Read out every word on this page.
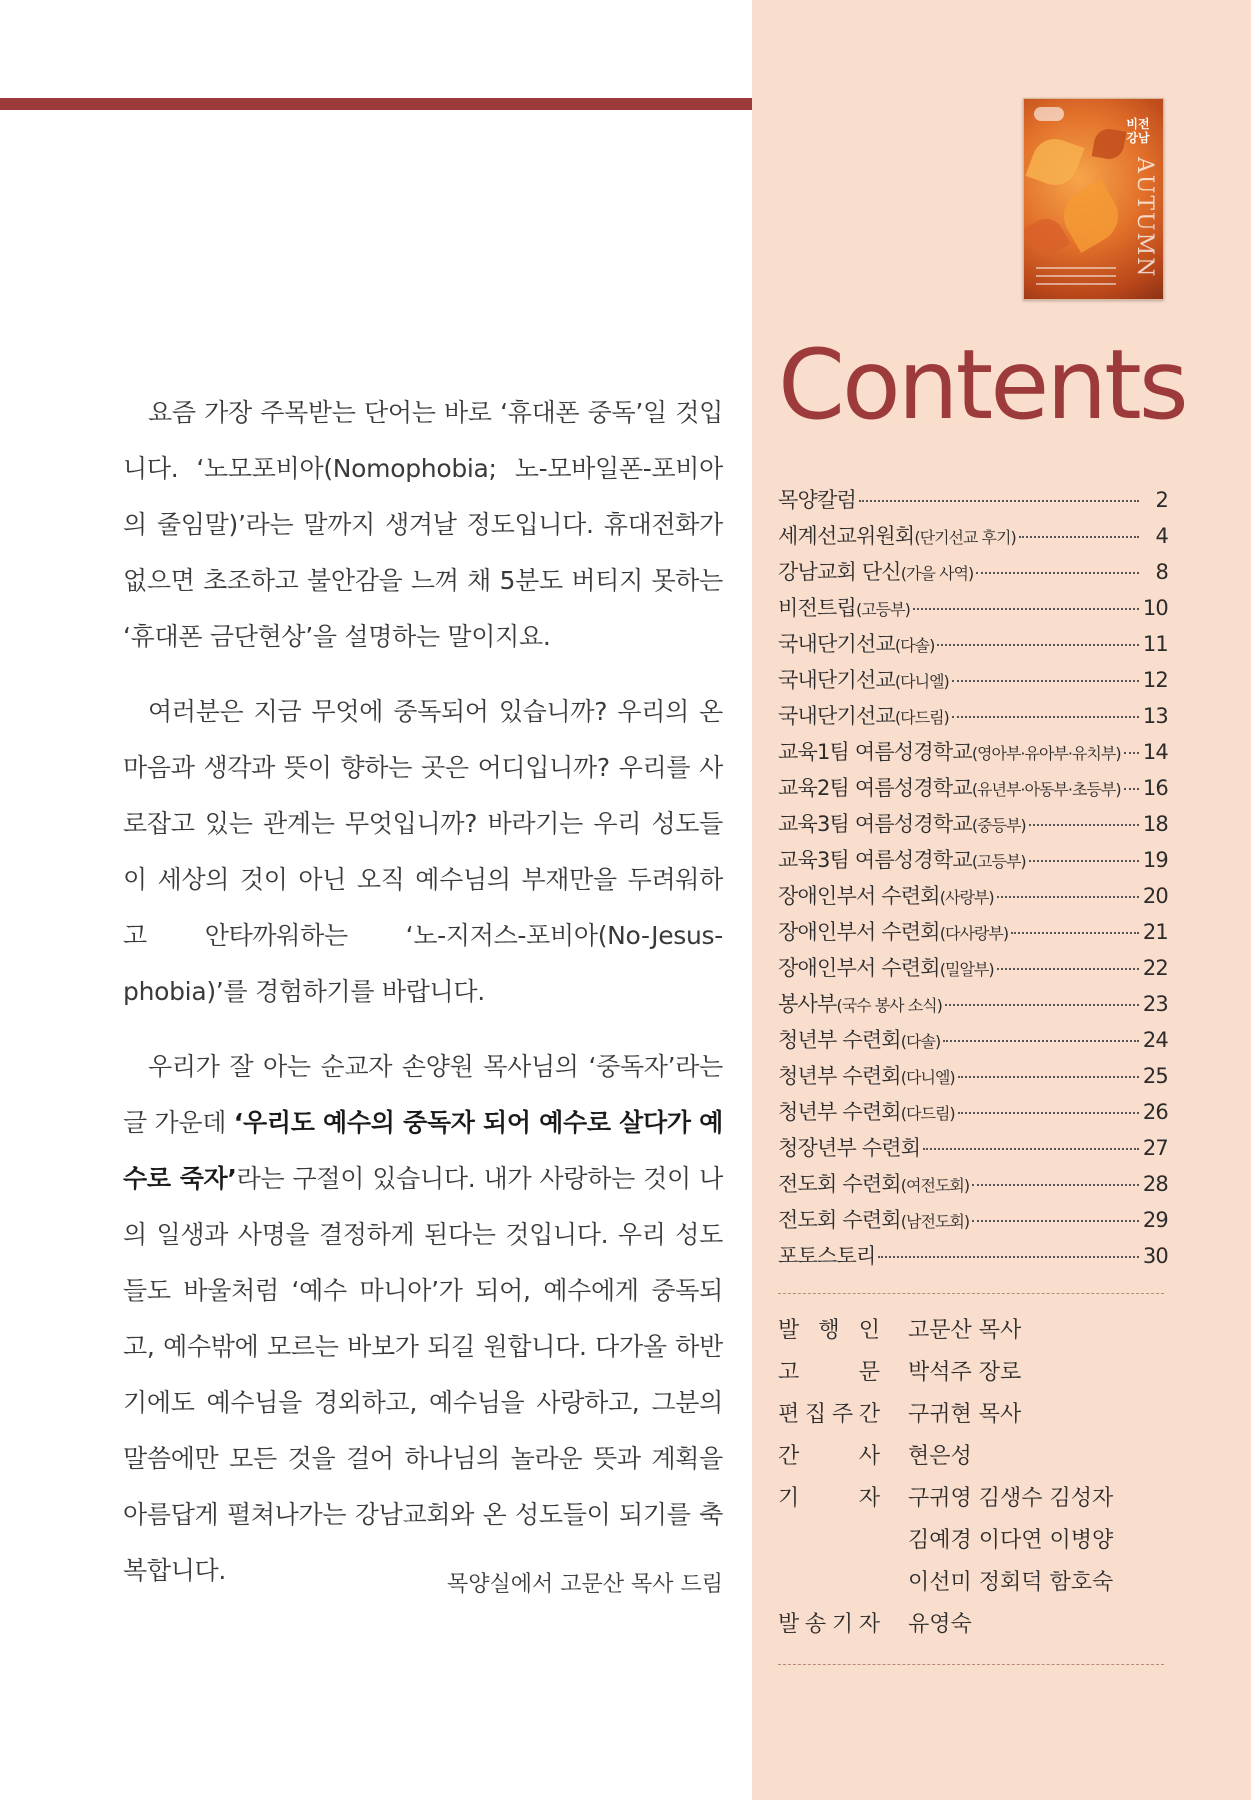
비전
강남
AUTUMN

요즘 가장 주목받는 단어는 바로 ‘휴대폰 중독’일 것입니다. ‘노모포비아(Nomophobia; 노-모바일폰-포비아의 줄임말)’라는 말까지 생겨날 정도입니다. 휴대전화가 없으면 초조하고 불안감을 느껴 채 5분도 버티지 못하는 ‘휴대폰 금단현상’을 설명하는 말이지요.

여러분은 지금 무엇에 중독되어 있습니까? 우리의 온 마음과 생각과 뜻이 향하는 곳은 어디입니까? 우리를 사로잡고 있는 관계는 무엇입니까? 바라기는 우리 성도들이 세상의 것이 아닌 오직 예수님의 부재만을 두려워하고 안타까워하는 ‘노-지저스-포비아(No-Jesus-phobia)’를 경험하기를 바랍니다.

우리가 잘 아는 순교자 손양원 목사님의 ‘중독자’라는 글 가운데 ‘우리도 예수의 중독자 되어 예수로 살다가 예수로 죽자’라는 구절이 있습니다. 내가 사랑하는 것이 나의 일생과 사명을 결정하게 된다는 것입니다. 우리 성도들도 바울처럼 ‘예수 마니아’가 되어, 예수에게 중독되고, 예수밖에 모르는 바보가 되길 원합니다. 다가올 하반기에도 예수님을 경외하고, 예수님을 사랑하고, 그분의 말씀에만 모든 것을 걸어 하나님의 놀라운 뜻과 계획을 아름답게 펼쳐나가는 강남교회와 온 성도들이 되기를 축복합니다.	목양실에서 고문산 목사 드림
Contents
목양칼럼	2
세계선교위원회(단기선교 후기)	4
강남교회 단신(가을 사역)	8
비전트립(고등부)	10
국내단기선교(다솔)	11
국내단기선교(다니엘)	12
국내단기선교(다드림)	13
교육1팀 여름성경학교(영아부·유아부·유치부) 14
교육2팀 여름성경학교(유년부·아동부·초등부) 16
교육3팀 여름성경학교(중등부)	18
교육3팀 여름성경학교(고등부)	19
장애인부서 수련회(사랑부)	20
장애인부서 수련회(다사랑부)	21
장애인부서 수련회(밀알부)	22
봉사부(국수 봉사 소식)	23
청년부 수련회(다솔)	24
청년부 수련회(다니엘)	25
청년부 수련회(다드림)	26
청장년부 수련회	27
전도회 수련회(여전도회)	28
전도회 수련회(남전도회)	29
포토스토리	30
발 행 인 고문산 목사
고	문 박석주 장로
편 집 주 간 구귀현 목사
간	사 현은성
기	자 구귀영 김생수 김성자
김예경 이다연 이병양
이선미 정회덕 함호숙
발 송 기 자 유영숙
